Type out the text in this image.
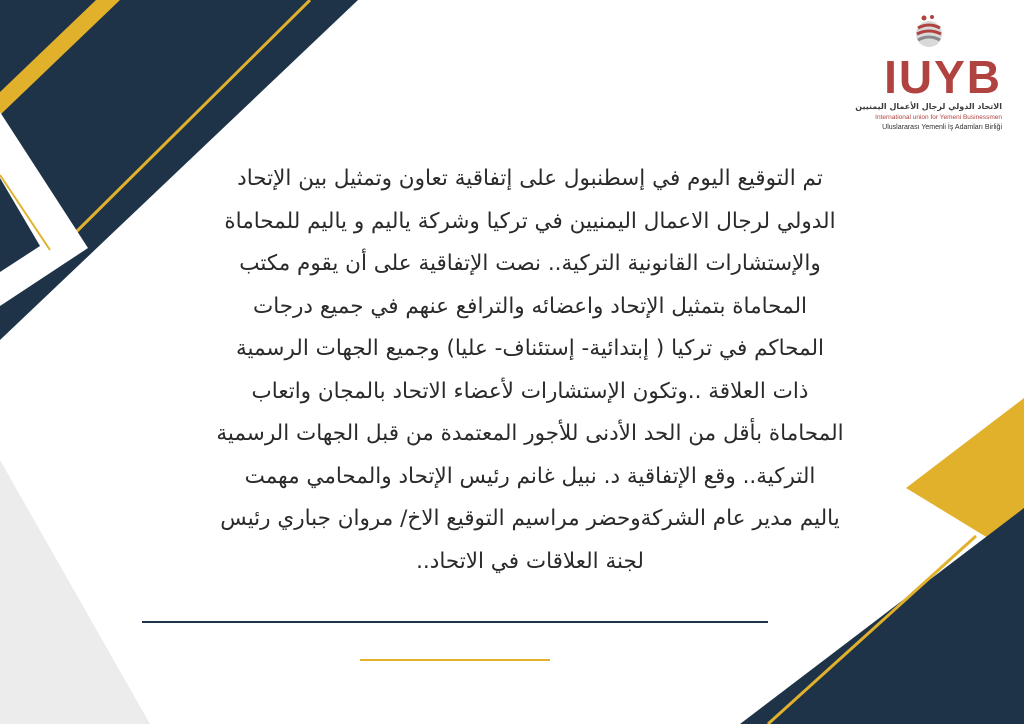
IUYB
الاتحاد الدولي لرجال الأعمال اليمنيين
International union for Yemeni Businessmen
Uluslararası Yemenli İş Adamları Birliği
تم التوقيع اليوم في إسطنبول على إتفاقية تعاون وتمثيل بين الإتحاد
الدولي لرجال الاعمال اليمنيين في تركيا وشركة ياليم و ياليم للمحاماة
والإستشارات القانونية التركية.. نصت الإتفاقية على أن يقوم مكتب
المحاماة بتمثيل الإتحاد واعضائه والترافع عنهم في جميع درجات
المحاكم في تركيا ( إبتدائية- إستئناف- عليا) وجميع الجهات الرسمية
ذات العلاقة ..وتكون الإستشارات لأعضاء الاتحاد بالمجان واتعاب
المحاماة بأقل من الحد الأدنى للأجور المعتمدة من قبل الجهات الرسمية
التركية.. وقع الإتفاقية د. نبيل غانم رئيس الإتحاد والمحامي مهمت
ياليم مدير عام الشركةوحضر مراسيم التوقيع الاخ/ مروان جباري رئيس
لجنة العلاقات في الاتحاد..
